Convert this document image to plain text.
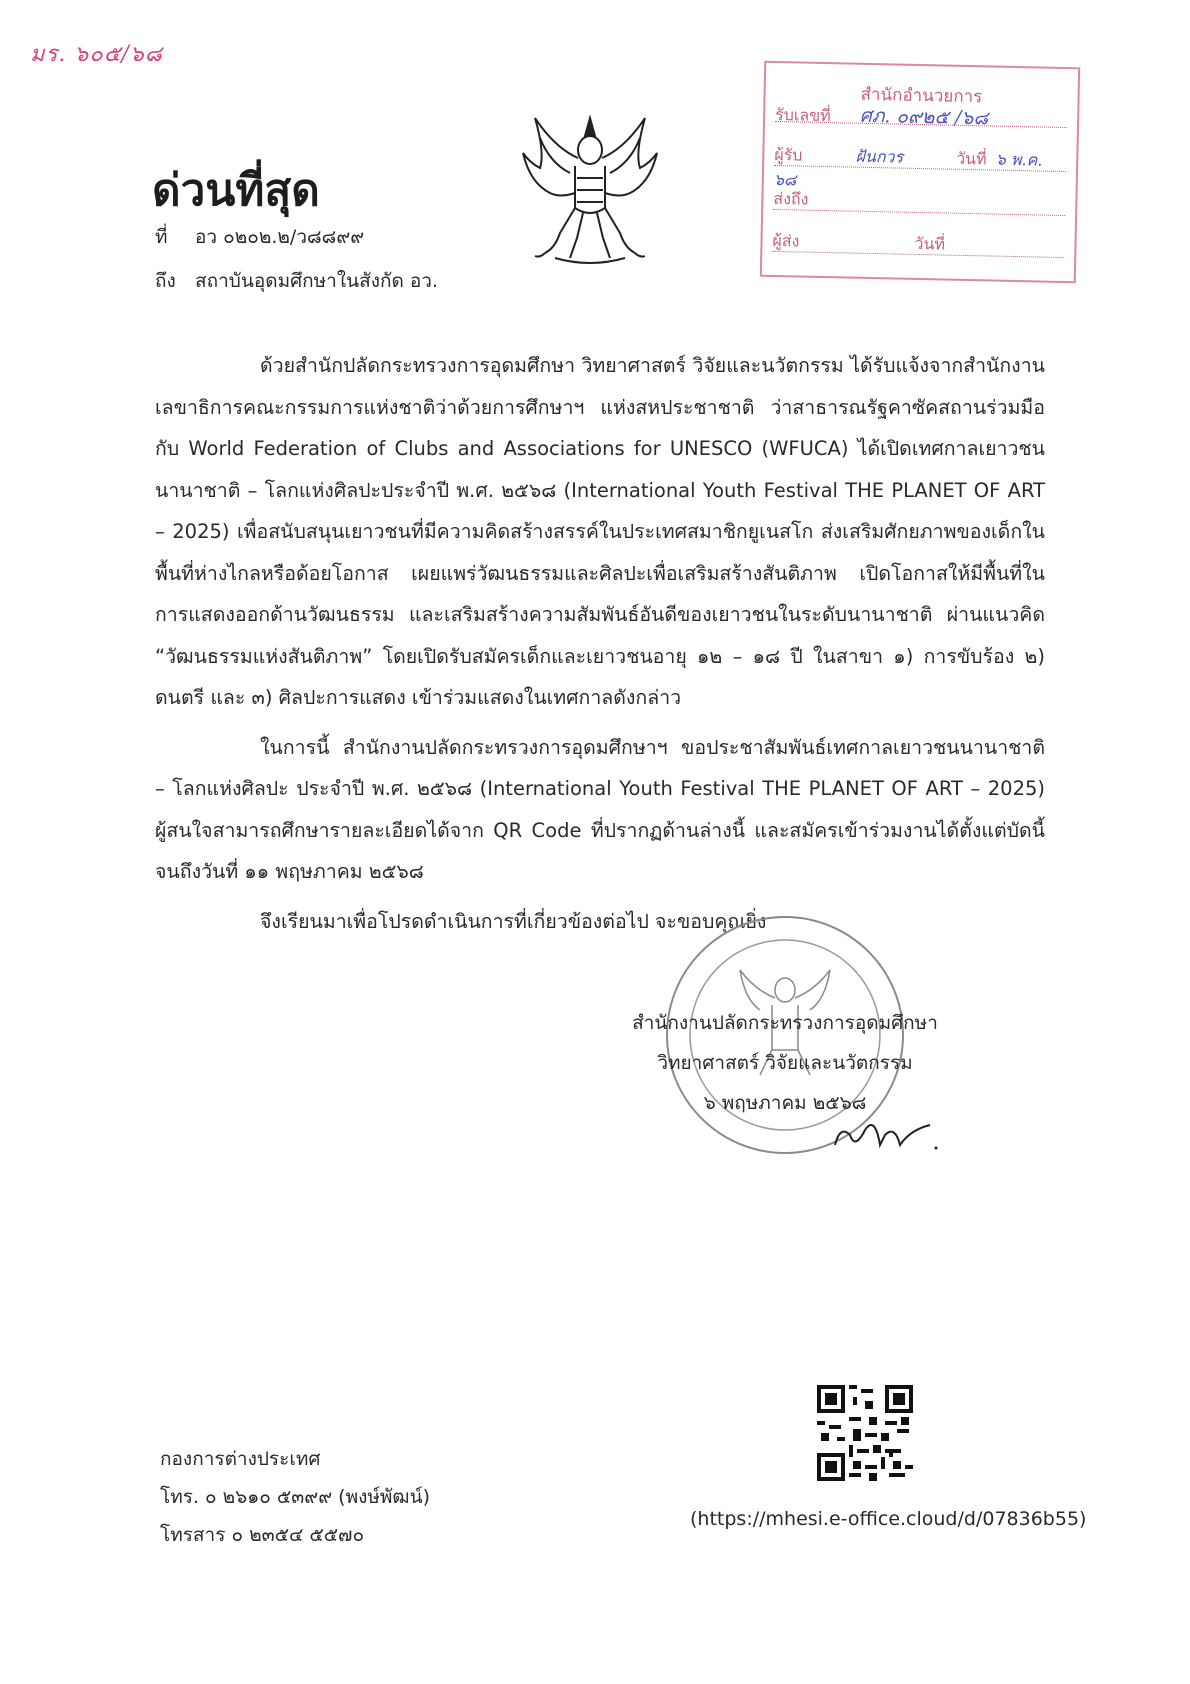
มร. ๖๐๕/๖๘
ด่วนที่สุด
ที่ อว ๐๒๐๒.๒/ว๘๘๙๙
ถึง สถาบันอุดมศึกษาในสังกัด อว.
สำนักอำนวยการ
รับเลขที่ ศภ. ๐๙๒๕ /๖๘
ผู้รับ	ฝันกวร	วันที่ ๖ พ.ค. ๖๘
ส่งถึง
ผู้ส่ง	วันที่

ด้วยสำนักปลัดกระทรวงการอุดมศึกษา วิทยาศาสตร์ วิจัยและนวัตกรรม ได้รับแจ้งจากสำนักงานเลขาธิการคณะกรรมการแห่งชาติว่าด้วยการศึกษาฯ แห่งสหประชาชาติ ว่าสาธารณรัฐคาซัคสถานร่วมมือกับ World Federation of Clubs and Associations for UNESCO (WFUCA) ได้เปิดเทศกาลเยาวชนนานาชาติ – โลกแห่งศิลปะประจำปี พ.ศ. ๒๕๖๘ (International Youth Festival THE PLANET OF ART – 2025) เพื่อสนับสนุนเยาวชนที่มีความคิดสร้างสรรค์ในประเทศสมาชิกยูเนสโก ส่งเสริมศักยภาพของเด็กในพื้นที่ห่างไกลหรือด้อยโอกาส เผยแพร่วัฒนธรรมและศิลปะเพื่อเสริมสร้างสันติภาพ เปิดโอกาสให้มีพื้นที่ในการแสดงออกด้านวัฒนธรรม และเสริมสร้างความสัมพันธ์อันดีของเยาวชนในระดับนานาชาติ ผ่านแนวคิด “วัฒนธรรมแห่งสันติภาพ” โดยเปิดรับสมัครเด็กและเยาวชนอายุ ๑๒ – ๑๘ ปี ในสาขา ๑) การขับร้อง ๒) ดนตรี และ ๓) ศิลปะการแสดง เข้าร่วมแสดงในเทศกาลดังกล่าว

ในการนี้ สำนักงานปลัดกระทรวงการอุดมศึกษาฯ ขอประชาสัมพันธ์เทศกาลเยาวชนนานาชาติ – โลกแห่งศิลปะ ประจำปี พ.ศ. ๒๕๖๘ (International Youth Festival THE PLANET OF ART – 2025) ผู้สนใจสามารถศึกษารายละเอียดได้จาก QR Code ที่ปรากฏด้านล่างนี้ และสมัครเข้าร่วมงานได้ตั้งแต่บัดนี้จนถึงวันที่ ๑๑ พฤษภาคม ๒๕๖๘

จึงเรียนมาเพื่อโปรดดำเนินการที่เกี่ยวข้องต่อไป จะขอบคุณยิ่ง

สำนักงานปลัดกระทรวงการอุดมศึกษา
วิทยาศาสตร์ วิจัยและนวัตกรรม
๖ พฤษภาคม ๒๕๖๘
กองการต่างประเทศ
โทร. ๐ ๒๖๑๐ ๕๓๙๙ (พงษ์พัฒน์)
โทรสาร ๐ ๒๓๕๔ ๕๕๗๐
(https://mhesi.e-office.cloud/d/07836b55)
